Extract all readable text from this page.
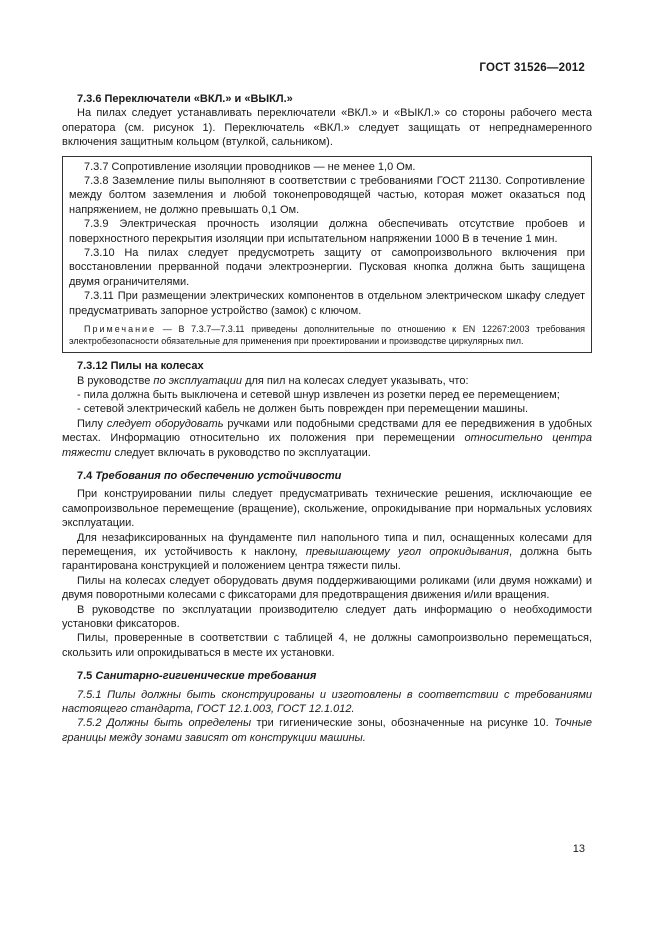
ГОСТ 31526—2012

7.3.6 Переключатели «ВКЛ.» и «ВЫКЛ.»

На пилах следует устанавливать переключатели «ВКЛ.» и «ВЫКЛ.» со стороны рабочего места оператора (см. рисунок 1). Переключатель «ВКЛ.» следует защищать от непреднамеренного включения защитным кольцом (втулкой, сальником).

7.3.7 Сопротивление изоляции проводников — не менее 1,0 Ом.

7.3.8 Заземление пилы выполняют в соответствии с требованиями ГОСТ 21130. Сопротивление между болтом заземления и любой токонепроводящей частью, которая может оказаться под напряжением, не должно превышать 0,1 Ом.

7.3.9 Электрическая прочность изоляции должна обеспечивать отсутствие пробоев и поверхностного перекрытия изоляции при испытательном напряжении 1000 В в течение 1 мин.

7.3.10 На пилах следует предусмотреть защиту от самопроизвольного включения при восстановлении прерванной подачи электроэнергии. Пусковая кнопка должна быть защищена двумя ограничителями.

7.3.11 При размещении электрических компонентов в отдельном электрическом шкафу следует предусматривать запорное устройство (замок) с ключом.

Примечание — В 7.3.7—7.3.11 приведены дополнительные по отношению к EN 12267:2003 требования электробезопасности обязательные для применения при проектировании и производстве циркулярных пил.

7.3.12 Пилы на колесах

В руководстве по эксплуатации для пил на колесах следует указывать, что:

- пила должна быть выключена и сетевой шнур извлечен из розетки перед ее перемещением;

- сетевой электрический кабель не должен быть поврежден при перемещении машины.

Пилу следует оборудовать ручками или подобными средствами для ее передвижения в удобных местах. Информацию относительно их положения при перемещении относительно центра тяжести следует включать в руководство по эксплуатации.

7.4 Требования по обеспечению устойчивости

При конструировании пилы следует предусматривать технические решения, исключающие ее самопроизвольное перемещение (вращение), скольжение, опрокидывание при нормальных условиях эксплуатации.

Для незафиксированных на фундаменте пил напольного типа и пил, оснащенных колесами для перемещения, их устойчивость к наклону, превышающему угол опрокидывания, должна быть гарантирована конструкцией и положением центра тяжести пилы.

Пилы на колесах следует оборудовать двумя поддерживающими роликами (или двумя ножками) и двумя поворотными колесами с фиксаторами для предотвращения движения и/или вращения.

В руководстве по эксплуатации производителю следует дать информацию о необходимости установки фиксаторов.

Пилы, проверенные в соответствии с таблицей 4, не должны самопроизвольно перемещаться, скользить или опрокидываться в месте их установки.

7.5 Санитарно-гигиенические требования

7.5.1 Пилы должны быть сконструированы и изготовлены в соответствии с требованиями настоящего стандарта, ГОСТ 12.1.003, ГОСТ 12.1.012.

7.5.2 Должны быть определены три гигиенические зоны, обозначенные на рисунке 10. Точные границы между зонами зависят от конструкции машины.

13
